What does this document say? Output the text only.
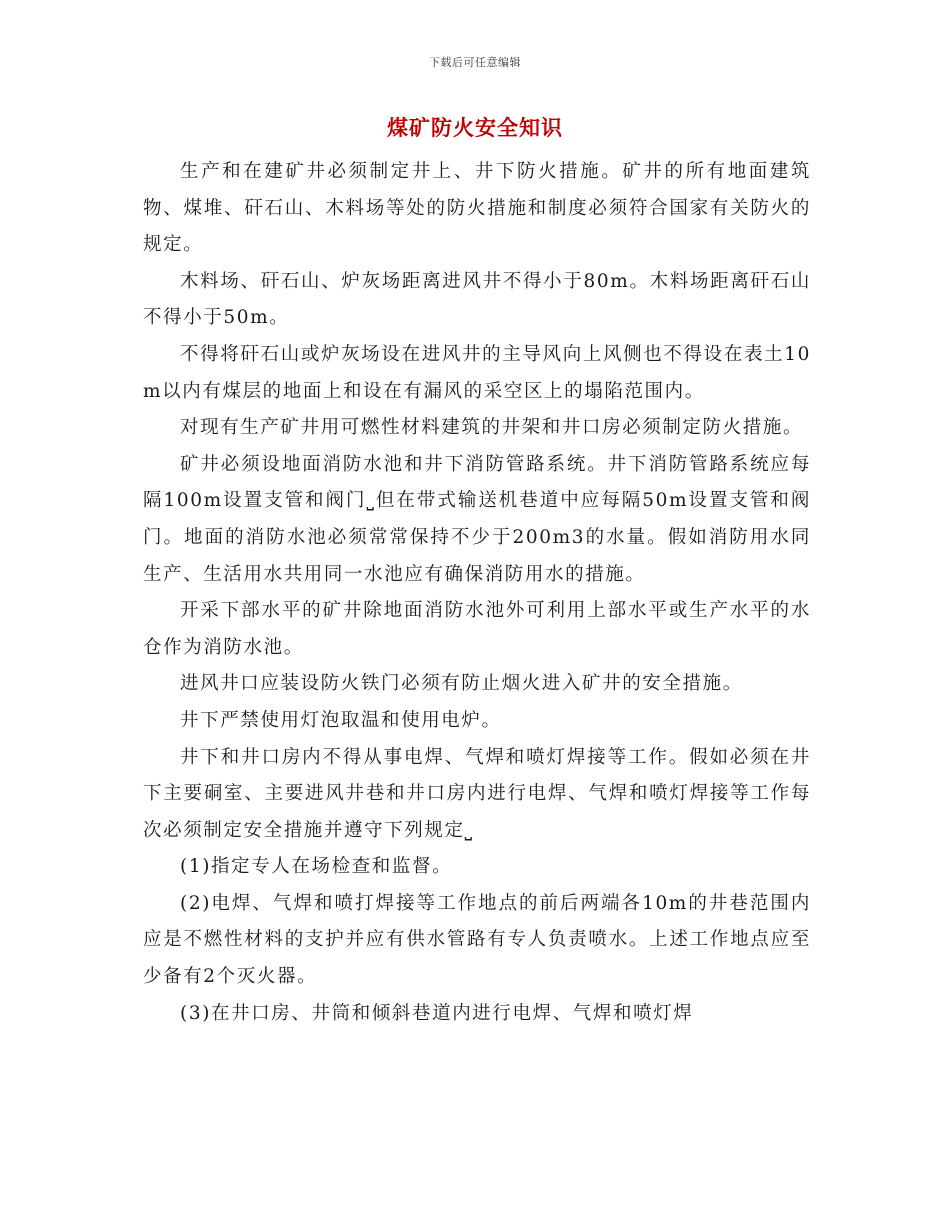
下载后可任意编辑
煤矿防火安全知识

生产和在建矿井必须制定井上、井下防火措施。矿井的所有地面建筑物、煤堆、矸石山、木料场等处的防火措施和制度必须符合国家有关防火的规定。

木料场、矸石山、炉灰场距离进风井不得小于80m。木料场距离矸石山不得小于50m。

不得将矸石山或炉灰场设在进风井的主导风向上风侧也不得设在表土10m以内有煤层的地面上和设在有漏风的采空区上的塌陷范围内。

对现有生产矿井用可燃性材料建筑的井架和井口房必须制定防火措施。

矿井必须设地面消防水池和井下消防管路系统。井下消防管路系统应每隔100m设置支管和阀门⎵但在带式输送机巷道中应每隔50m设置支管和阀门。地面的消防水池必须常常保持不少于200m3的水量。假如消防用水同生产、生活用水共用同一水池应有确保消防用水的措施。

开采下部水平的矿井除地面消防水池外可利用上部水平或生产水平的水仓作为消防水池。

进风井口应装设防火铁门必须有防止烟火进入矿井的安全措施。

井下严禁使用灯泡取温和使用电炉。

井下和井口房内不得从事电焊、气焊和喷灯焊接等工作。假如必须在井下主要硐室、主要进风井巷和井口房内进行电焊、气焊和喷灯焊接等工作每次必须制定安全措施并遵守下列规定⎵

(1)指定专人在场检查和监督。

(2)电焊、气焊和喷打焊接等工作地点的前后两端各10m的井巷范围内应是不燃性材料的支护并应有供水管路有专人负责喷水。上述工作地点应至少备有2个灭火器。

(3)在井口房、井筒和倾斜巷道内进行电焊、气焊和喷灯焊
